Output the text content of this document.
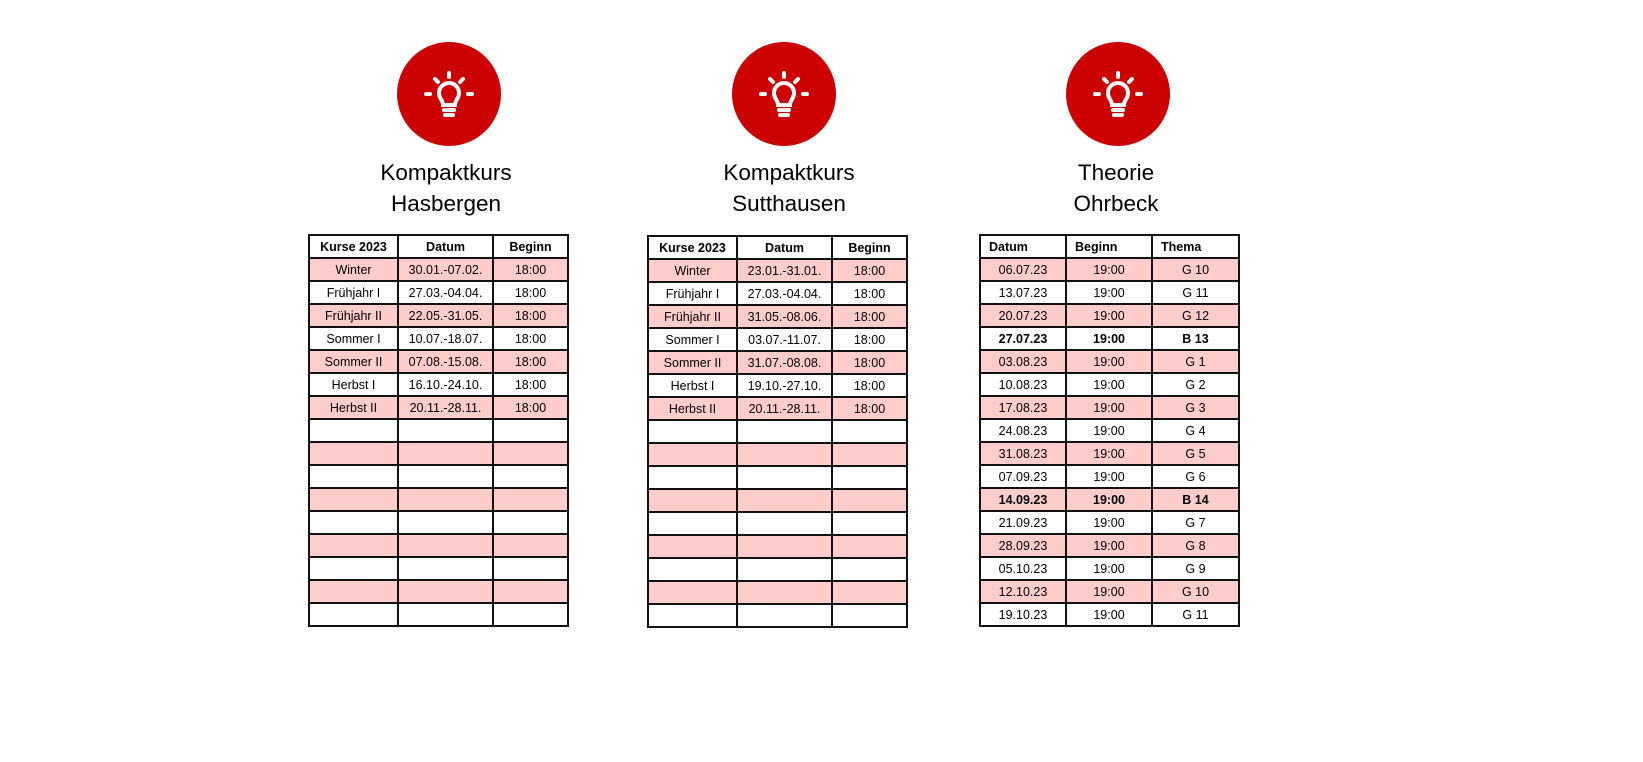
Kompaktkurs
Hasbergen
Kurse 2023	Datum	Beginn
Winter	30.01.-07.02.	18:00
Frühjahr I	27.03.-04.04.	18:00
Frühjahr II	22.05.-31.05.	18:00
Sommer I	10.07.-18.07.	18:00
Sommer II	07.08.-15.08.	18:00
Herbst I	16.10.-24.10.	18:00
Herbst II	20.11.-28.11.	18:00

Kompaktkurs
Sutthausen
Kurse 2023	Datum	Beginn
Winter	23.01.-31.01.	18:00
Frühjahr I	27.03.-04.04.	18:00
Frühjahr II	31.05.-08.06.	18:00
Sommer I	03.07.-11.07.	18:00
Sommer II	31.07.-08.08.	18:00
Herbst I	19.10.-27.10.	18:00
Herbst II	20.11.-28.11.	18:00

Theorie
Ohrbeck
Datum	Beginn	Thema
06.07.23	19:00	G 10
13.07.23	19:00	G 11
20.07.23	19:00	G 12
27.07.23	19:00	B 13
03.08.23	19:00	G 1
10.08.23	19:00	G 2
17.08.23	19:00	G 3
24.08.23	19:00	G 4
31.08.23	19:00	G 5
07.09.23	19:00	G 6
14.09.23	19:00	B 14
21.09.23	19:00	G 7
28.09.23	19:00	G 8
05.10.23	19:00	G 9
12.10.23	19:00	G 10
19.10.23	19:00	G 11
